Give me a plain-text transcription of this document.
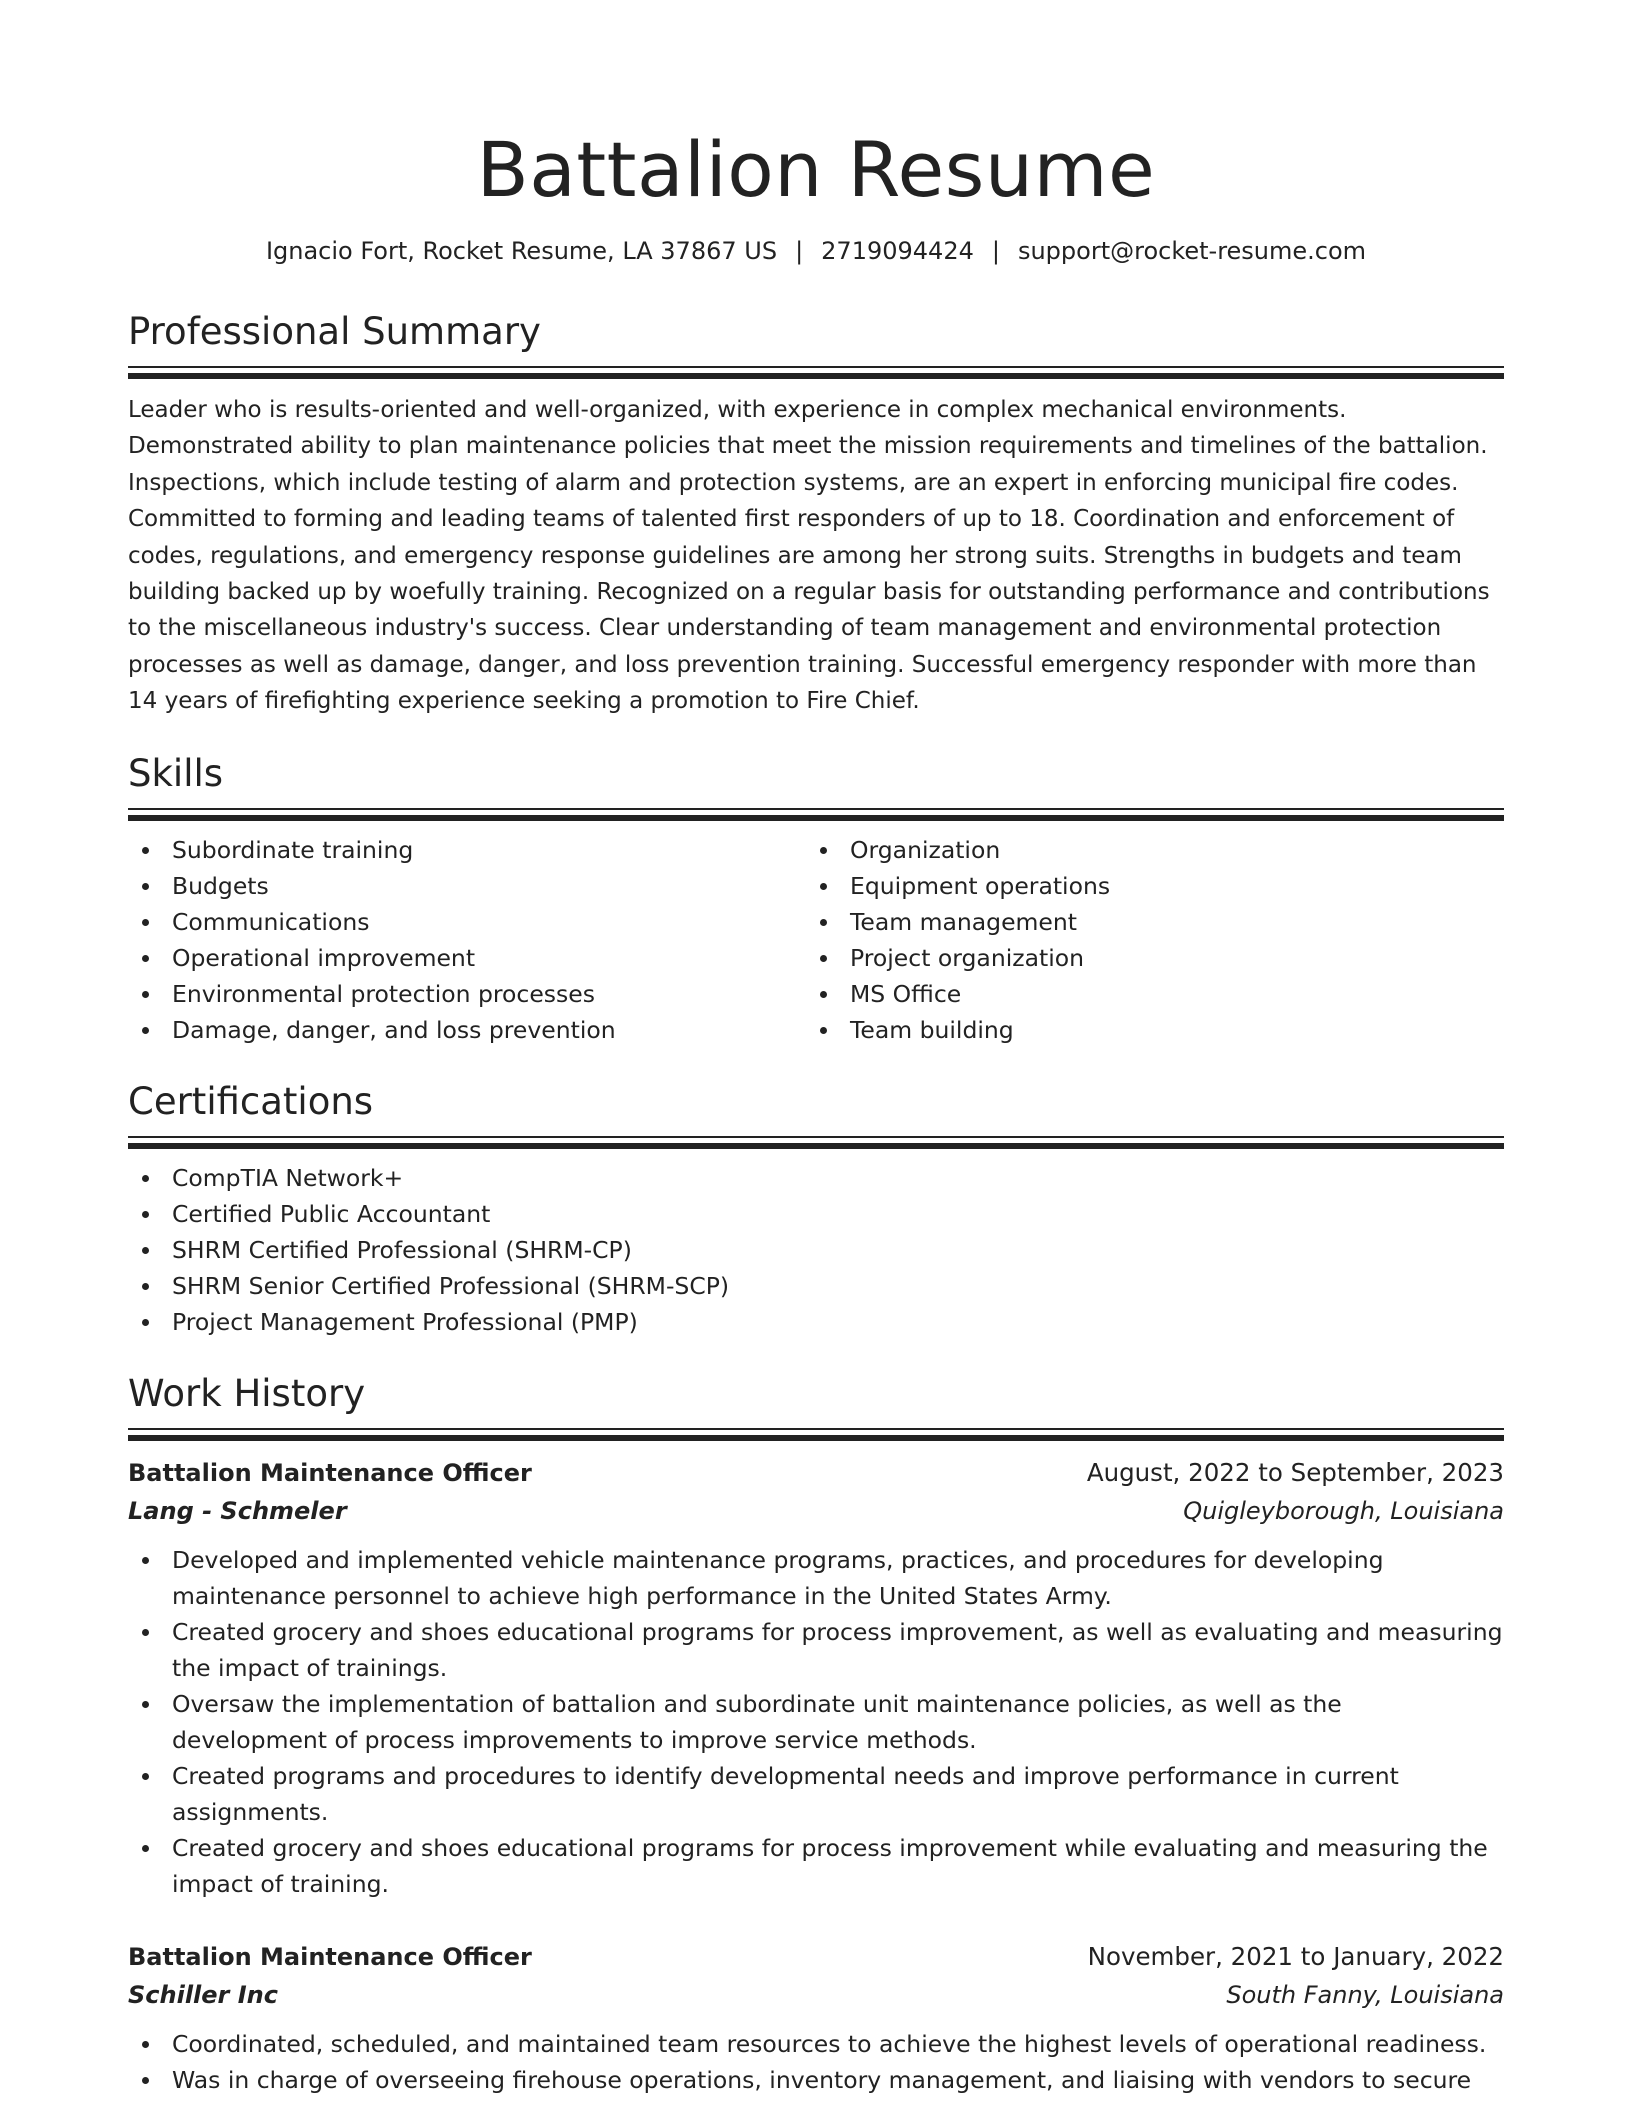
Battalion Resume
Ignacio Fort, Rocket Resume, LA 37867 US | 2719094424 | support@rocket-resume.com
Professional Summary

Leader who is results-oriented and well-organized, with experience in complex mechanical environments. Demonstrated ability to plan maintenance policies that meet the mission requirements and timelines of the battalion. Inspections, which include testing of alarm and protection systems, are an expert in enforcing municipal fire codes. Committed to forming and leading teams of talented first responders of up to 18. Coordination and enforcement of codes, regulations, and emergency response guidelines are among her strong suits. Strengths in budgets and team building backed up by woefully training. Recognized on a regular basis for outstanding performance and contributions to the miscellaneous industry's success. Clear understanding of team management and environmental protection processes as well as damage, danger, and loss prevention training. Successful emergency responder with more than 14 years of firefighting experience seeking a promotion to Fire Chief.

Skills
Subordinate training
Budgets
Communications
Operational improvement
Environmental protection processes
Damage, danger, and loss prevention
Organization
Equipment operations
Team management
Project organization
MS Office
Team building
Certifications
CompTIA Network+
Certified Public Accountant
SHRM Certified Professional (SHRM-CP)
SHRM Senior Certified Professional (SHRM-SCP)
Project Management Professional (PMP)
Work History
Battalion Maintenance Officer	August, 2022 to September, 2023
Lang - Schmeler	Quigleyborough, Louisiana
Developed and implemented vehicle maintenance programs, practices, and procedures for developing maintenance personnel to achieve high performance in the United States Army.
Created grocery and shoes educational programs for process improvement, as well as evaluating and measuring the impact of trainings.
Oversaw the implementation of battalion and subordinate unit maintenance policies, as well as the development of process improvements to improve service methods.
Created programs and procedures to identify developmental needs and improve performance in current assignments.
Created grocery and shoes educational programs for process improvement while evaluating and measuring the impact of training.
Battalion Maintenance Officer	November, 2021 to January, 2022
Schiller Inc	South Fanny, Louisiana
Coordinated, scheduled, and maintained team resources to achieve the highest levels of operational readiness.
Was in charge of overseeing firehouse operations, inventory management, and liaising with vendors to secure
